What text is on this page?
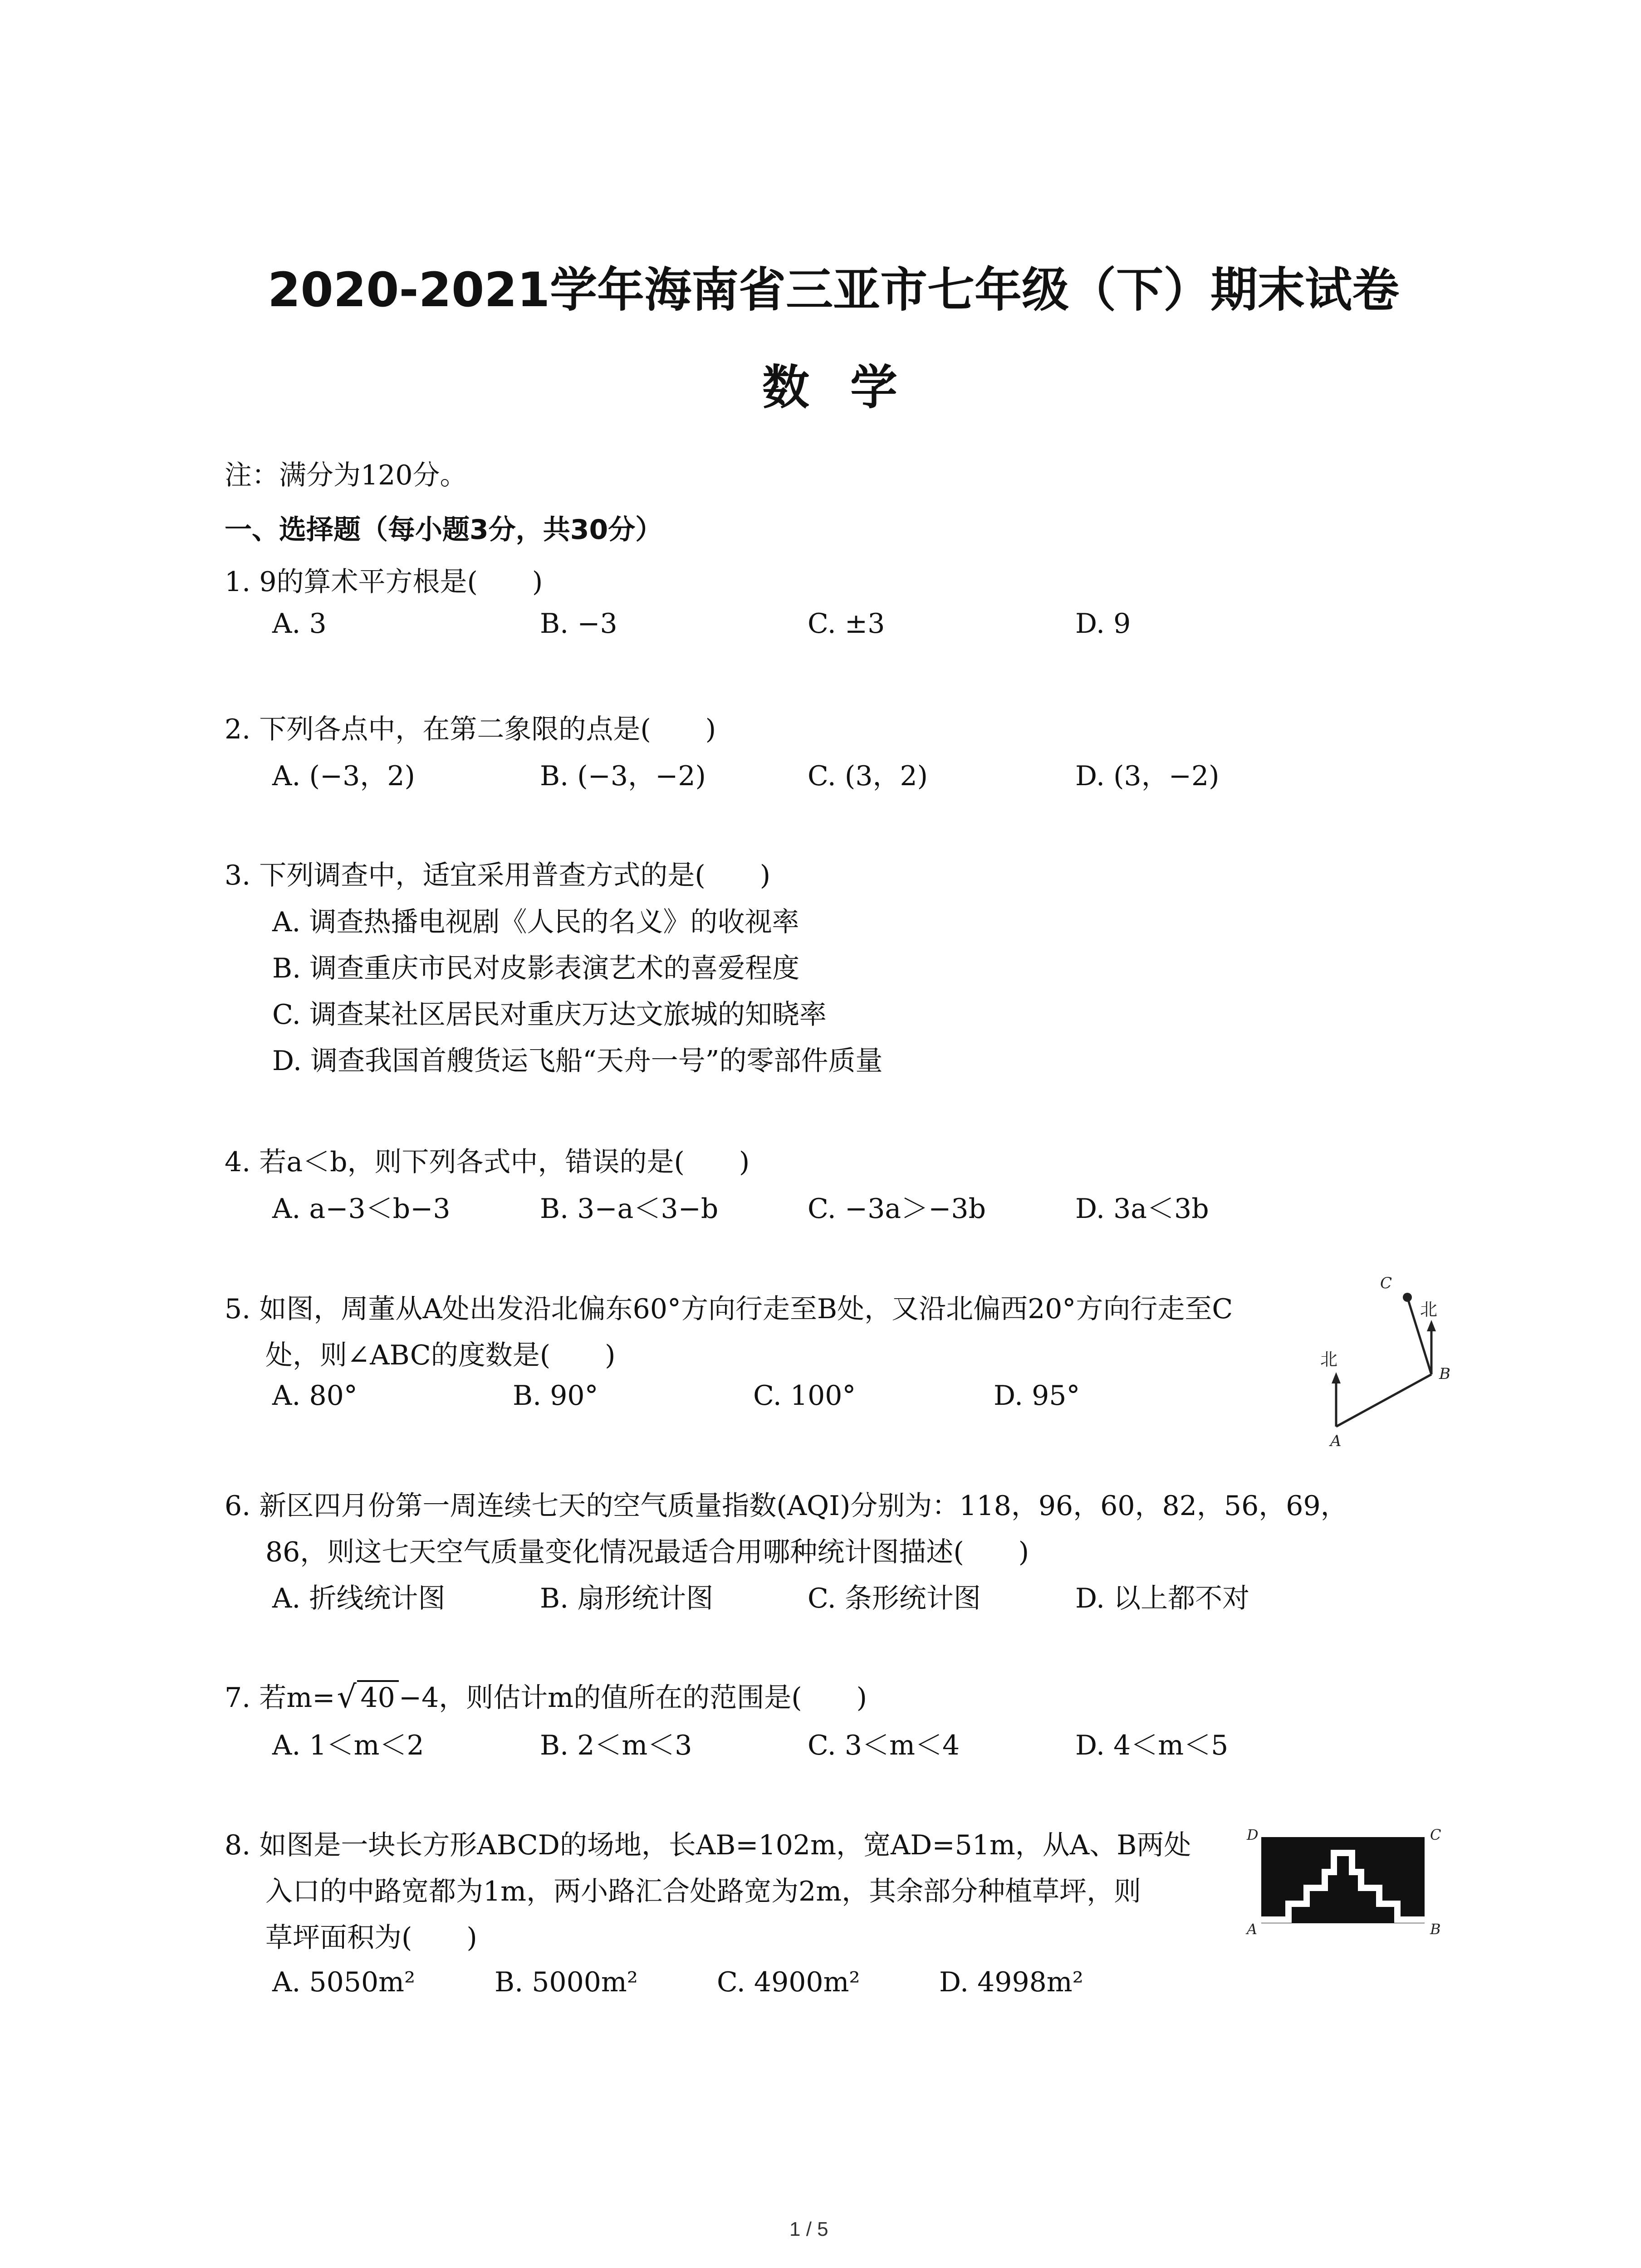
2020-2021学年海南省三亚市七年级（下）期末试卷
数学
注：满分为120分。
一、选择题（每小题3分，共30分）
1. 9的算术平方根是(　　)
A. 3	B. −3	C. ±3	D. 9
2. 下列各点中，在第二象限的点是(　　)
A. (−3，2)	B. (−3，−2)	C. (3，2)	D. (3，−2)
3. 下列调查中，适宜采用普查方式的是(　　)
A. 调查热播电视剧《人民的名义》的收视率
B. 调查重庆市民对皮影表演艺术的喜爱程度
C. 调查某社区居民对重庆万达文旅城的知晓率
D. 调查我国首艘货运飞船“天舟一号”的零部件质量
4. 若a＜b，则下列各式中，错误的是(　　)
A. a−3＜b−3	B. 3−a＜3−b	C. −3a＞−3b	D. 3a＜3b
5. 如图，周董从A处出发沿北偏东60°方向行走至B处，又沿北偏西20°方向行走至C
处，则∠ABC的度数是(　　)
A. 80°	B. 90°	C. 100°	D. 95°
北
北
A
B
C
6. 新区四月份第一周连续七天的空气质量指数(AQI)分别为：118，96，60，82，56，69，
86，则这七天空气质量变化情况最适合用哪种统计图描述(　　)
A. 折线统计图	B. 扇形统计图	C. 条形统计图	D. 以上都不对
7. 若m= √ 40 −4，则估计m的值所在的范围是(　　)
A. 1＜m＜2	B. 2＜m＜3	C. 3＜m＜4	D. 4＜m＜5
8. 如图是一块长方形ABCD的场地，长AB=102m，宽AD=51m，从A、B两处
入口的中路宽都为1m，两小路汇合处路宽为2m，其余部分种植草坪，则
草坪面积为(　　)
A. 5050m²	B. 5000m²	C. 4900m²	D. 4998m²
D	C
A	B
1 / 5
